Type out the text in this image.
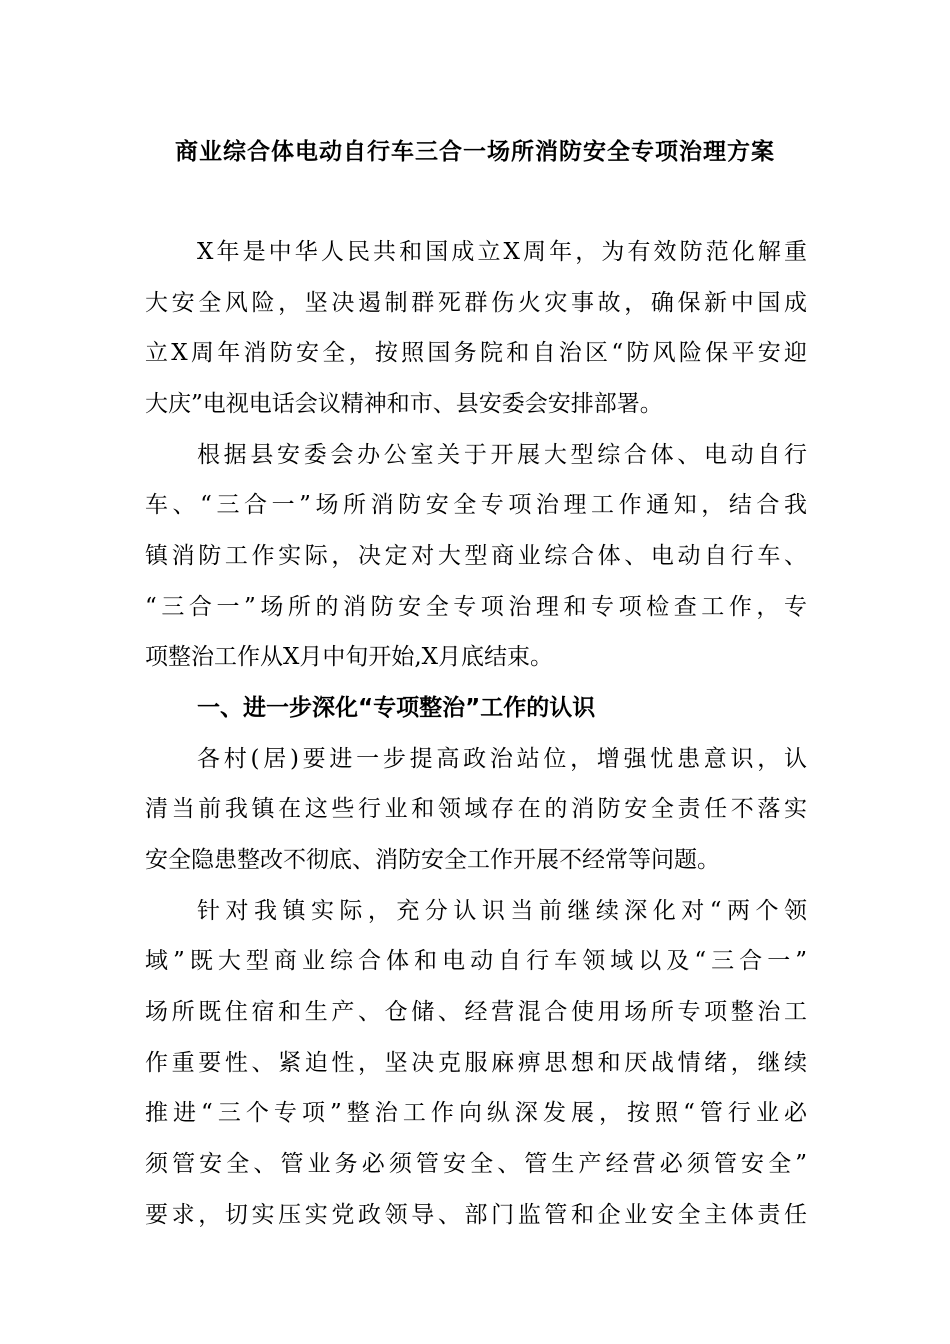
商业综合体电动自行车三合一场所消防安全专项治理方案
X年是中华人民共和国成立X周年，为有效防范化解重
大安全风险，坚决遏制群死群伤火灾事故，确保新中国成
立X周年消防安全，按照国务院和自治区“防风险保平安迎
大庆”电视电话会议精神和市、县安委会安排部署。
根据县安委会办公室关于开展大型综合体、电动自行
车、“三合一”场所消防安全专项治理工作通知，结合我
镇消防工作实际，决定对大型商业综合体、电动自行车、
“三合一”场所的消防安全专项治理和专项检查工作，专
项整治工作从X月中旬开始,X月底结束。
一、进一步深化“专项整治”工作的认识
各村(居)要进一步提高政治站位，增强忧患意识，认
清当前我镇在这些行业和领域存在的消防安全责任不落实
安全隐患整改不彻底、消防安全工作开展不经常等问题。
针对我镇实际，充分认识当前继续深化对“两个领
域”既大型商业综合体和电动自行车领域以及“三合一”
场所既住宿和生产、仓储、经营混合使用场所专项整治工
作重要性、紧迫性，坚决克服麻痹思想和厌战情绪，继续
推进“三个专项”整治工作向纵深发展，按照“管行业必
须管安全、管业务必须管安全、管生产经营必须管安全”
要求，切实压实党政领导、部门监管和企业安全主体责任
